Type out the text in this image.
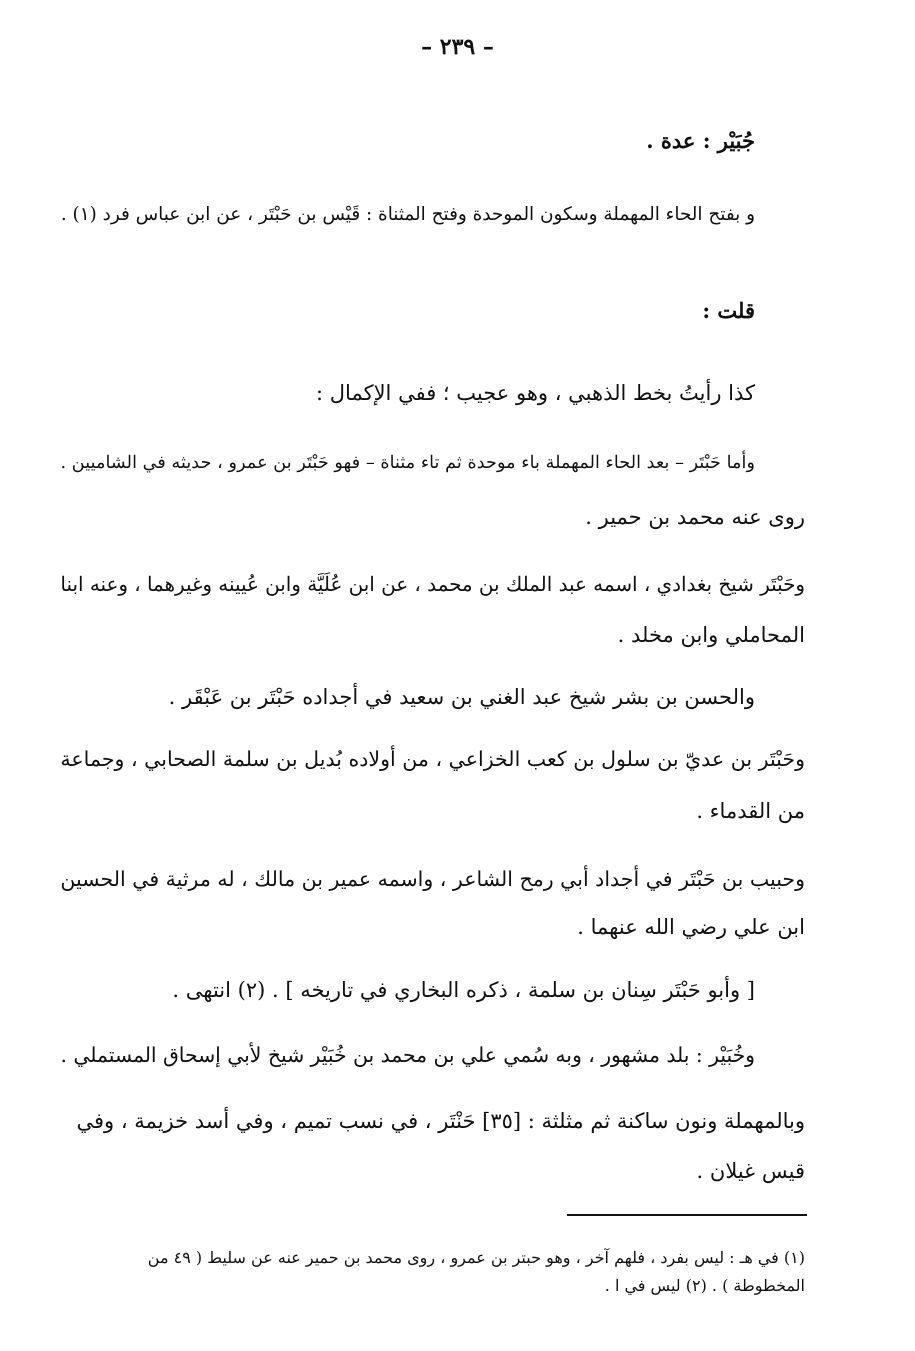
– ٢٣٩ –
جُبَيْر : عدة .
و بفتح الحاء المهملة وسكون الموحدة وفتح المثناة : قَيْس بن حَبْتَر ، عن ابن عباس فرد (١) .
قلت :
كذا رأيتُ بخط الذهبي ، وهو عجيب ؛ ففي الإكمال :
وأما حَبْتَر – بعد الحاء المهملة باء موحدة ثم تاء مثناة – فهو حَبْتَر بن عمرو ، حديثه في الشاميين .
روى عنه محمد بن حمير .
وحَبْتَر شيخ بغدادي ، اسمه عبد الملك بن محمد ، عن ابن عُلَيَّة وابن عُيينه وغيرهما ، وعنه ابنا
المحاملي وابن مخلد .
والحسن بن بشر شيخ عبد الغني بن سعيد في أجداده حَبْتَر بن عَبْقَر .
وحَبْتَر بن عديّ بن سلول بن كعب الخزاعي ، من أولاده بُديل بن سلمة الصحابي ، وجماعة
من القدماء .
وحبيب بن حَبْتَر في أجداد أبي رمح الشاعر ، واسمه عمير بن مالك ، له مرثية في الحسين
ابن علي رضي الله عنهما .
[ وأبو حَبْتَر سِنان بن سلمة ، ذكره البخاري في تاريخه ] . (٢) انتهى .
وخُبَيْر : بلد مشهور ، وبه سُمي علي بن محمد بن خُبَيْر شيخ لأبي إسحاق المستملي .
وبالمهملة ونون ساكنة ثم مثلثة : [٣٥] حَنْتَر ، في نسب تميم ، وفي أسد خزيمة ، وفي
قيس غيلان .
(١) في هـ : ليس بفرد ، فلهم آخر ، وهو حبتر بن عمرو ، روى محمد بن حمير عنه عن سليط ( ٤٩ من
المخطوطة ) . (٢) ليس في ا .
